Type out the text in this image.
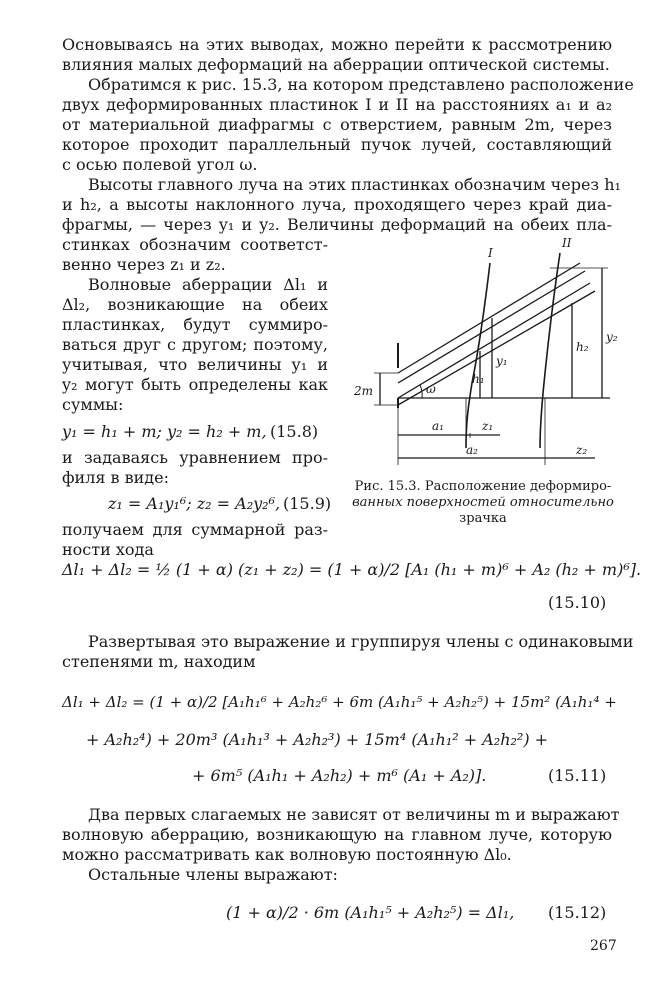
Основываясь на этих выводах, можно перейти к рассмотрению
влияния малых деформаций на аберрации оптической системы.
Обратимся к рис. 15.3, на котором представлено расположение
двух деформированных пластинок I и II на расстояниях a₁ и a₂
от материальной диафрагмы с отверстием, равным 2m, через
которое проходит параллельный пучок лучей, составляющий
с осью полевой угол ω.
Высоты главного луча на этих пластинках обозначим через h₁
и h₂, а высоты наклонного луча, проходящего через край диа-
фрагмы, — через y₁ и y₂. Величины деформаций на обеих пла-
стинках обозначим соответст-
венно через z₁ и z₂.
Волновые аберрации Δl₁ и
Δl₂, возникающие на обеих
пластинках, будут суммиро-
ваться друг с другом; поэтому,
учитывая, что величины y₁ и
y₂ могут быть определены как
суммы:
y₁ = h₁ + m; y₂ = h₂ + m, (15.8)
и задаваясь уравнением про-
филя в виде:
z₁ = A₁y₁⁶; z₂ = A₂y₂⁶, (15.9)
получаем для суммарной раз-
ности хода
I
II
h₁
y₁
h₂
y₂
2m	ω
a₁	z₁
a₂	z₂
Рис. 15.3. Расположение деформиро-
ванных поверхностей относительно
зрачка
Δl₁ + Δl₂ = ½ (1 + α) (z₁ + z₂) = (1 + α)/2 [A₁ (h₁ + m)⁶ + A₂ (h₂ + m)⁶].
(15.10)
Развертывая это выражение и группируя члены с одинаковыми
степенями m, находим
Δl₁ + Δl₂ = (1 + α)/2 [A₁h₁⁶ + A₂h₂⁶ + 6m (A₁h₁⁵ + A₂h₂⁵) + 15m² (A₁h₁⁴ +
+ A₂h₂⁴) + 20m³ (A₁h₁³ + A₂h₂³) + 15m⁴ (A₁h₁² + A₂h₂²) +
+ 6m⁵ (A₁h₁ + A₂h₂) + m⁶ (A₁ + A₂)].	(15.11)
Два первых слагаемых не зависят от величины m и выражают
волновую аберрацию, возникающую на главном луче, которую
можно рассматривать как волновую постоянную Δl₀.
Остальные члены выражают:
(1 + α)/2 · 6m (A₁h₁⁵ + A₂h₂⁵) = Δl₁, (15.12)
267
